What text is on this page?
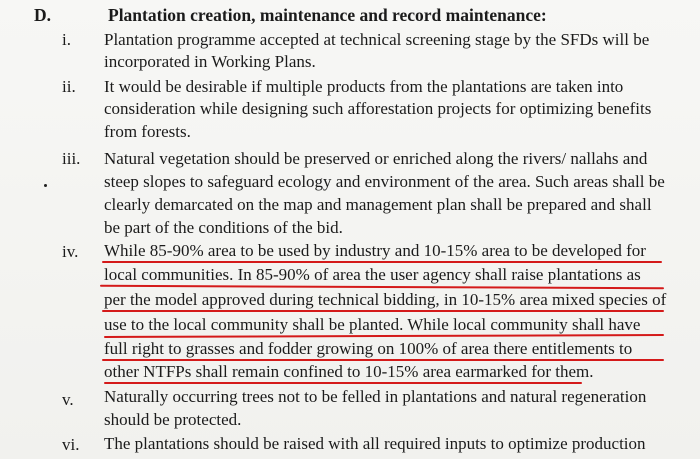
D.	Plantation creation, maintenance and record maintenance:
i. Plantation programme accepted at technical screening stage by the SFDs will be
incorporated in Working Plans.
ii. It would be desirable if multiple products from the plantations are taken into
consideration while designing such afforestation projects for optimizing benefits
from forests.
iii. Natural vegetation should be preserved or enriched along the rivers/ nallahs and
steep slopes to safeguard ecology and environment of the area. Such areas shall be
clearly demarcated on the map and management plan shall be prepared and shall
be part of the conditions of the bid.
iv. While 85-90% area to be used by industry and 10-15% area to be developed for
local communities. In 85-90% of area the user agency shall raise plantations as
per the model approved during technical bidding, in 10-15% area mixed species of
use to the local community shall be planted. While local community shall have
full right to grasses and fodder growing on 100% of area there entitlements to
other NTFPs shall remain confined to 10-15% area earmarked for them.
v. Naturally occurring trees not to be felled in plantations and natural regeneration
should be protected.
vi. The plantations should be raised with all required inputs to optimize production
